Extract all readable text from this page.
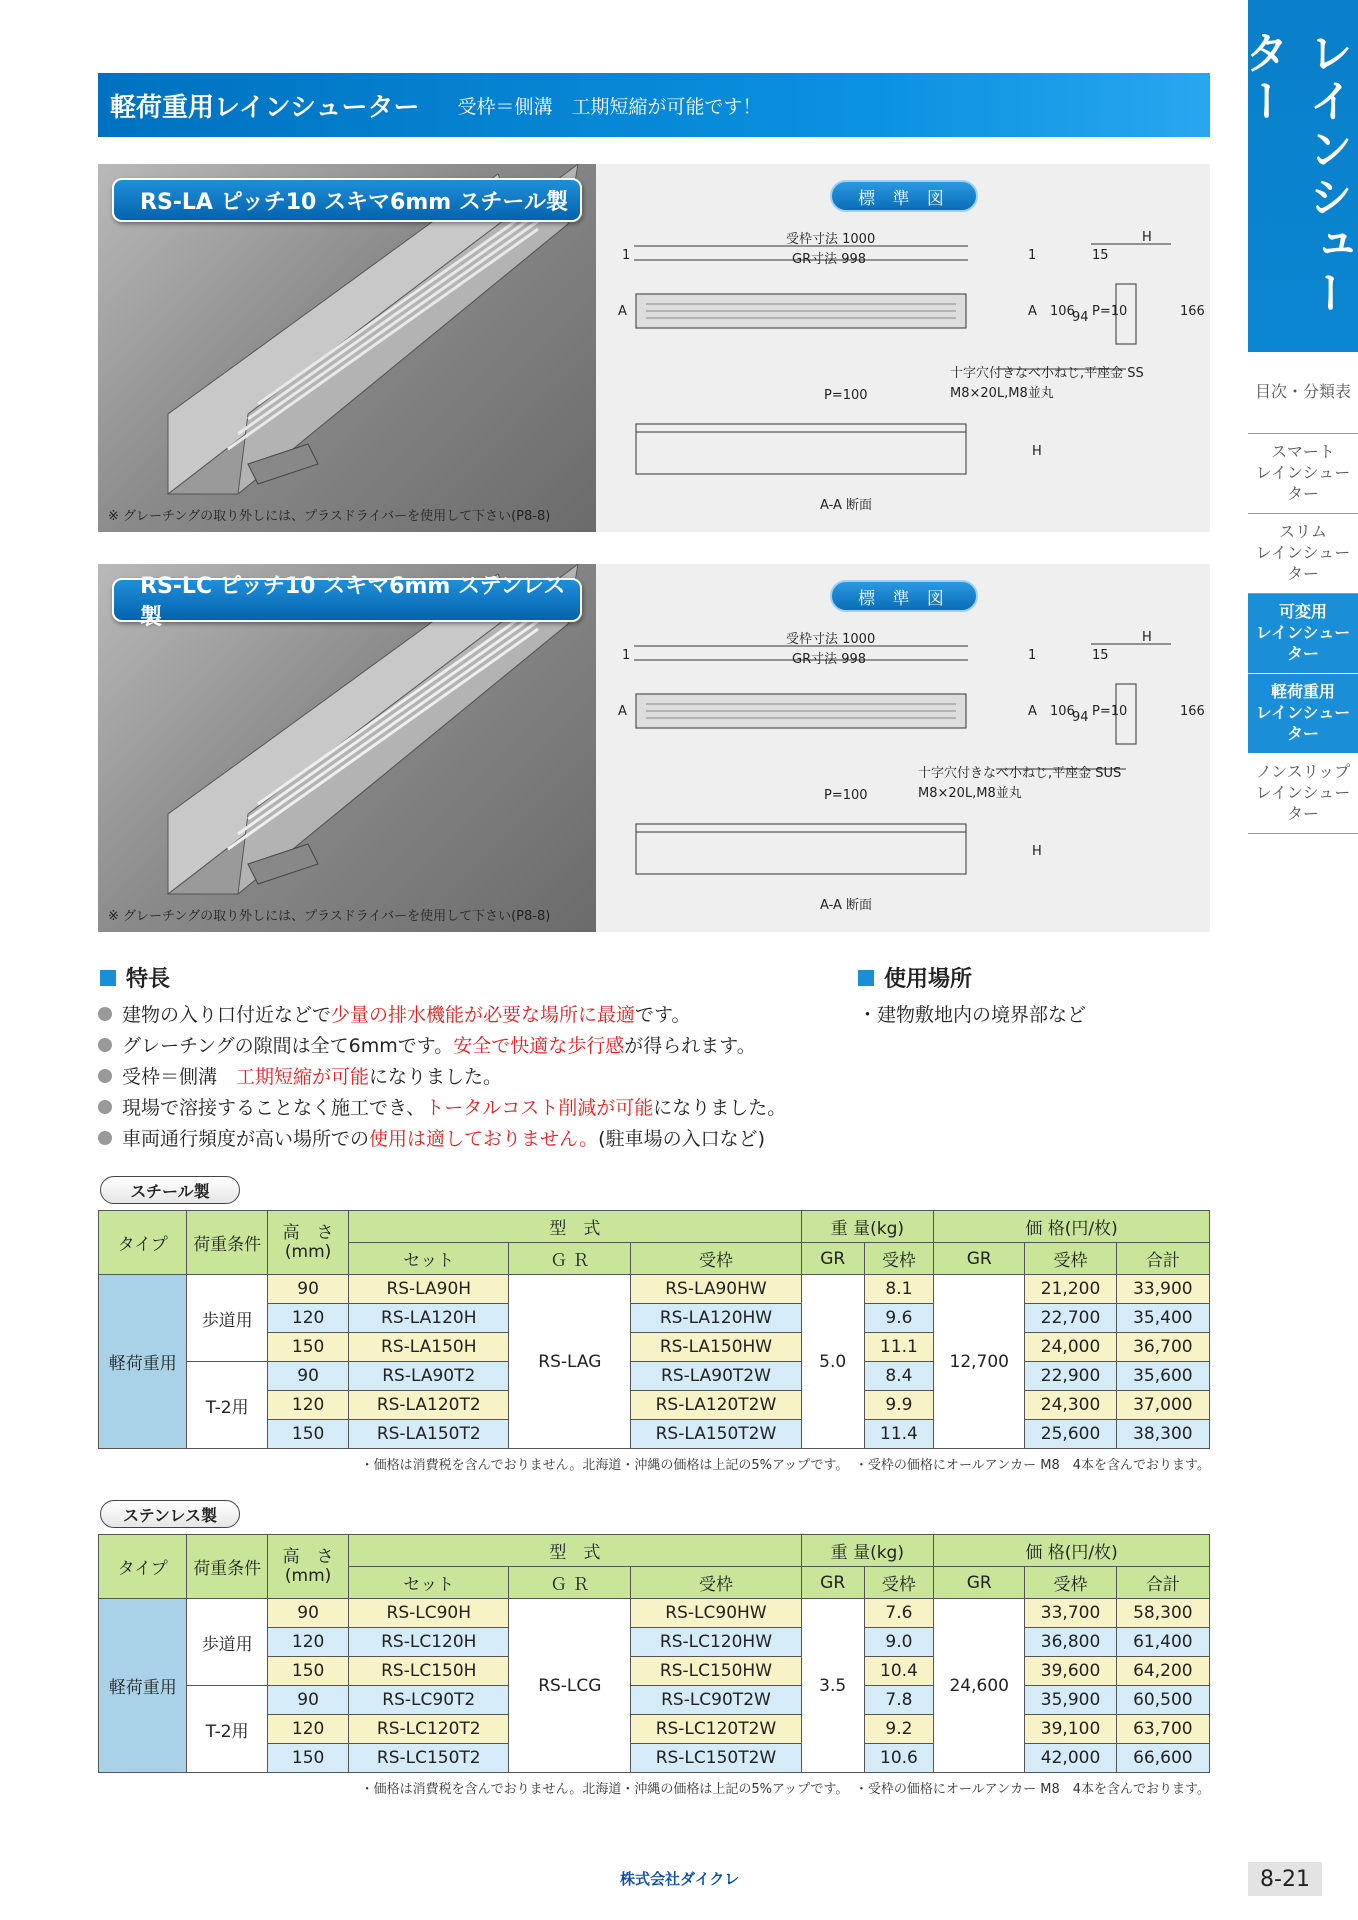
レインシューター
目次・分類表
スマート
レインシューター
スリム
レインシューター
可変用
レインシューター
軽荷重用
レインシューター
ノンスリップ
レインシューター
軽荷重用レインシューター 受枠＝側溝　工期短縮が可能です！
※ グレーチングの取り外しには、プラスドライバーを使用して下さい(P8-8)
RS-LA ピッチ10 スキマ6mm スチール製	標 準 図
受枠寸法 1000
GR寸法 998
1	1
A	A 106
94 P=10	166
15
H
十字穴付きなべ小ねじ,平座金 SS
M8×20L,M8並丸
P=100
H
A-A 断面
※ グレーチングの取り外しには、プラスドライバーを使用して下さい(P8-8)
RS-LC ピッチ10 スキマ6mm ステンレス製
標 準 図
受枠寸法 1000
GR寸法 998
1	1
A	A 106
94 P=10	166
15
H
十字穴付きなべ小ねじ,平座金 SUS
M8×20L,M8並丸
P=100
H
A-A 断面
特長
建物の入り口付近などで 少量の排水機能が必要な場所に最適 です。
グレーチングの隙間は全て6mmです。 安全で快適な歩行感 が得られます。
受枠＝側溝　 工期短縮が可能 になりました。
現場で溶接することなく施工でき、 トータルコスト削減が可能 になりました。
車両通行頻度が高い場所での 使用は適しておりません。 (駐車場の入口など)
使用場所
・建物敷地内の境界部など
スチール製
タイプ	荷重条件	高　さ
(mm)	型　式			重 量(kg)		価 格(円/枚)		
			セット	Ｇ Ｒ	受枠	GR	受枠	GR	受枠	合計
軽荷重用	歩道用	90	RS-LA90H	RS-LAG	RS-LA90HW	5.0	8.1	12,700	21,200	33,900
		120	RS-LA120H		RS-LA120HW		9.6		22,700	35,400
		150	RS-LA150H		RS-LA150HW		11.1		24,000	36,700
	T-2用	90	RS-LA90T2		RS-LA90T2W		8.4		22,900	35,600
		120	RS-LA120T2		RS-LA120T2W		9.9		24,300	37,000
		150	RS-LA150T2		RS-LA150T2W		11.4		25,600	38,300
・価格は消費税を含んでおりません。北海道・沖縄の価格は上記の5%アップです。　・受枠の価格にオールアンカー M8　4本を含んでおります。
ステンレス製
タイプ	荷重条件	高　さ
(mm)	型　式			重 量(kg)		価 格(円/枚)		
			セット	Ｇ Ｒ	受枠	GR	受枠	GR	受枠	合計
軽荷重用	歩道用	90	RS-LC90H	RS-LCG	RS-LC90HW	3.5	7.6	24,600	33,700	58,300
		120	RS-LC120H		RS-LC120HW		9.0		36,800	61,400
		150	RS-LC150H		RS-LC150HW		10.4		39,600	64,200
	T-2用	90	RS-LC90T2		RS-LC90T2W		7.8		35,900	60,500
		120	RS-LC120T2		RS-LC120T2W		9.2		39,100	63,700
		150	RS-LC150T2		RS-LC150T2W		10.6		42,000	66,600
・価格は消費税を含んでおりません。北海道・沖縄の価格は上記の5%アップです。　・受枠の価格にオールアンカー M8　4本を含んでおります。
株式会社ダイクレ	8-21
